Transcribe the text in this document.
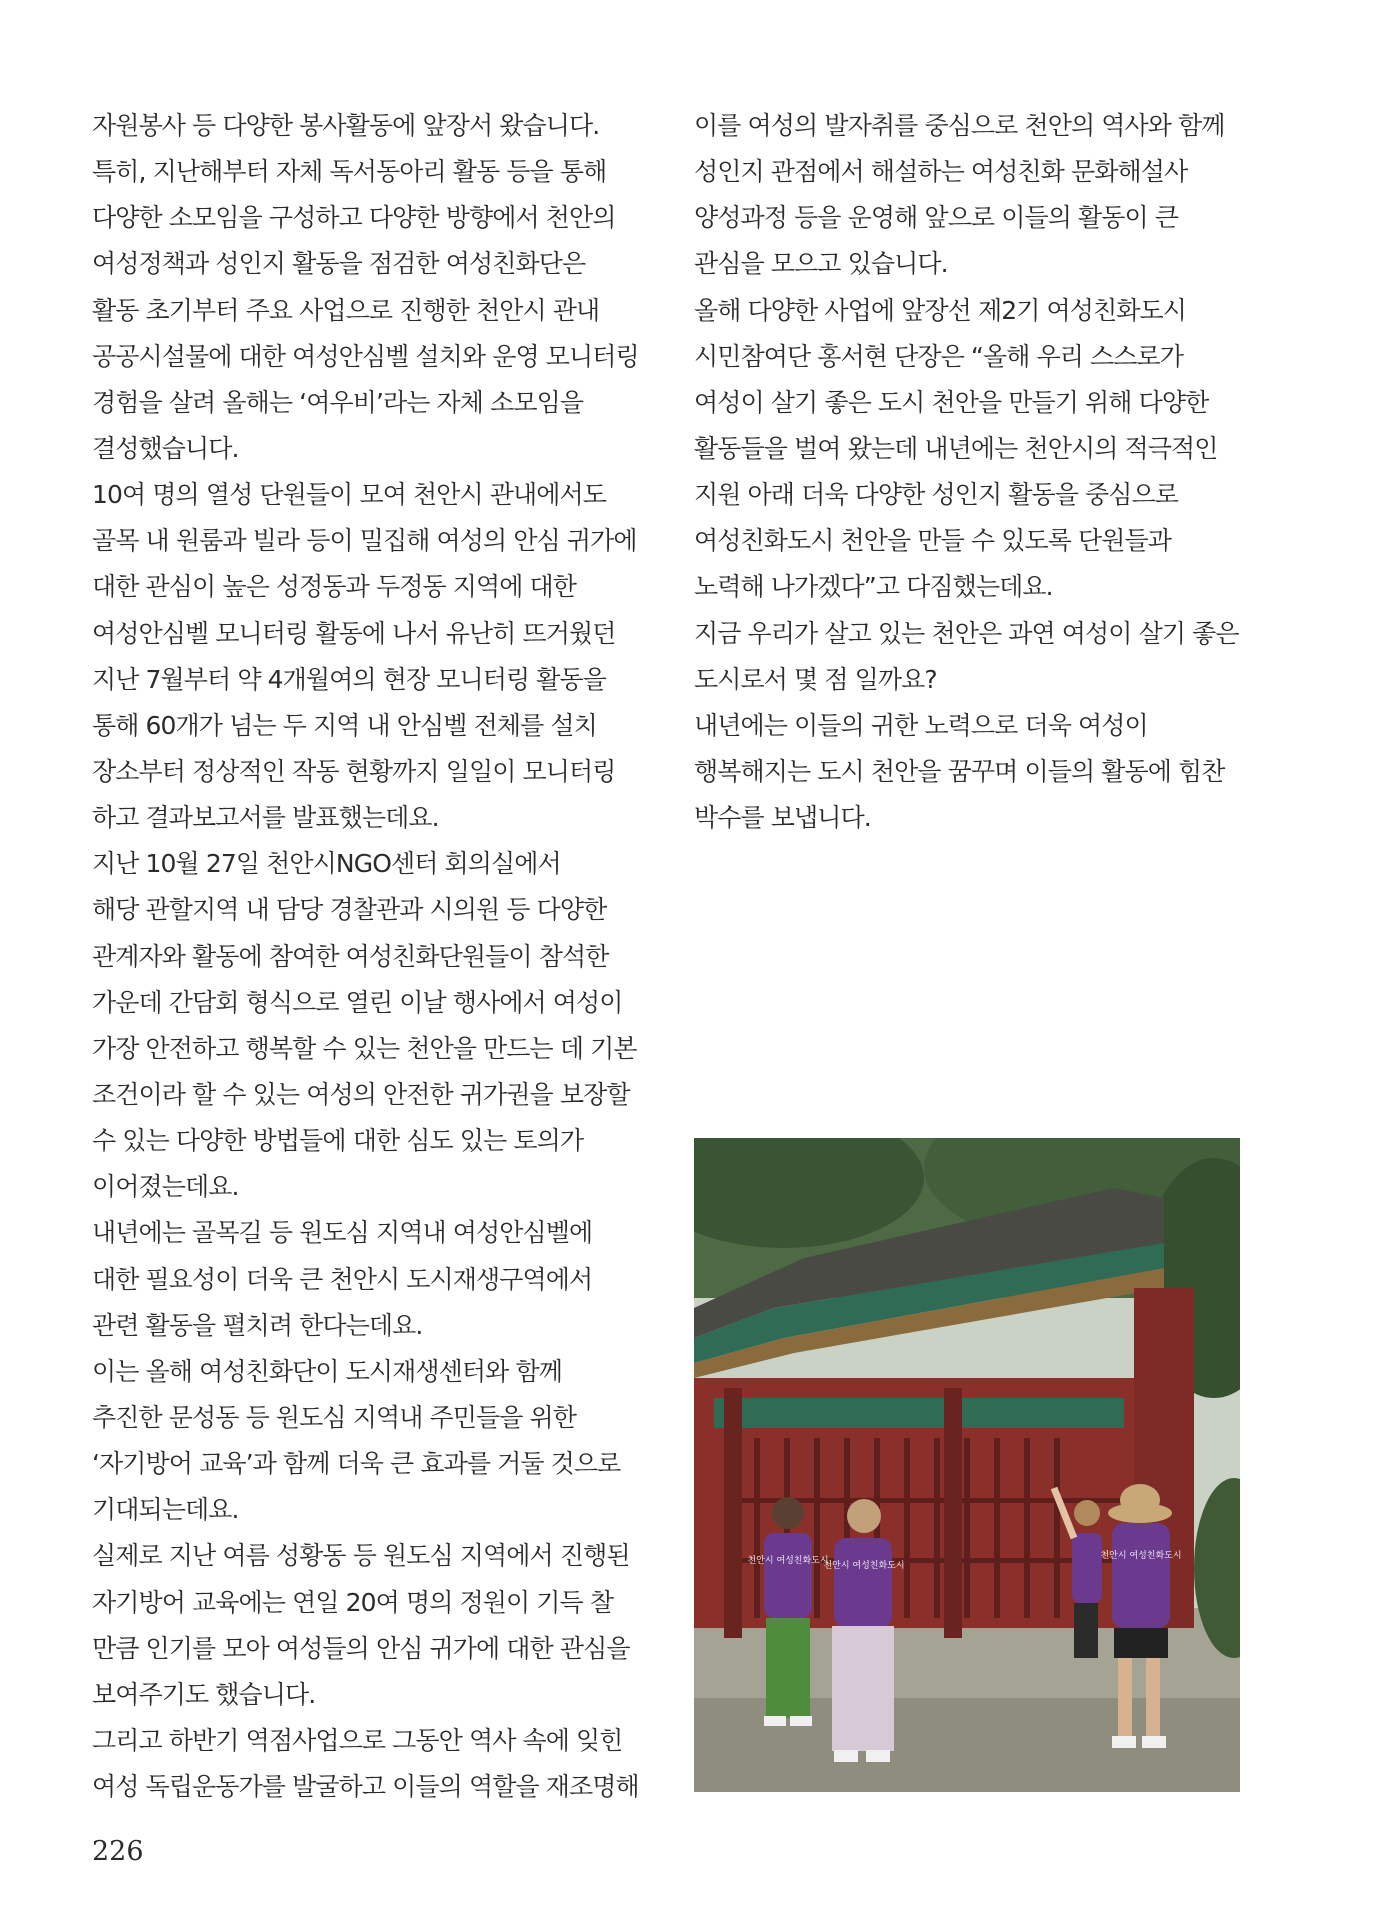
자원봉사 등 다양한 봉사활동에 앞장서 왔습니다.
특히, 지난해부터 자체 독서동아리 활동 등을 통해
다양한 소모임을 구성하고 다양한 방향에서 천안의
여성정책과 성인지 활동을 점검한 여성친화단은
활동 초기부터 주요 사업으로 진행한 천안시 관내
공공시설물에 대한 여성안심벨 설치와 운영 모니터링
경험을 살려 올해는 ‘여우비’라는 자체 소모임을
결성했습니다.
10여 명의 열성 단원들이 모여 천안시 관내에서도
골목 내 원룸과 빌라 등이 밀집해 여성의 안심 귀가에
대한 관심이 높은 성정동과 두정동 지역에 대한
여성안심벨 모니터링 활동에 나서 유난히 뜨거웠던
지난 7월부터 약 4개월여의 현장 모니터링 활동을
통해 60개가 넘는 두 지역 내 안심벨 전체를 설치
장소부터 정상적인 작동 현황까지 일일이 모니터링
하고 결과보고서를 발표했는데요.
지난 10월 27일 천안시NGO센터 회의실에서
해당 관할지역 내 담당 경찰관과 시의원 등 다양한
관계자와 활동에 참여한 여성친화단원들이 참석한
가운데 간담회 형식으로 열린 이날 행사에서 여성이
가장 안전하고 행복할 수 있는 천안을 만드는 데 기본
조건이라 할 수 있는 여성의 안전한 귀가권을 보장할
수 있는 다양한 방법들에 대한 심도 있는 토의가
이어졌는데요.
내년에는 골목길 등 원도심 지역내 여성안심벨에
대한 필요성이 더욱 큰 천안시 도시재생구역에서
관련 활동을 펼치려 한다는데요.
이는 올해 여성친화단이 도시재생센터와 함께
추진한 문성동 등 원도심 지역내 주민들을 위한
‘자기방어 교육’과 함께 더욱 큰 효과를 거둘 것으로
기대되는데요.
실제로 지난 여름 성황동 등 원도심 지역에서 진행된
자기방어 교육에는 연일 20여 명의 정원이 기득 찰
만큼 인기를 모아 여성들의 안심 귀가에 대한 관심을
보여주기도 했습니다.
그리고 하반기 역점사업으로 그동안 역사 속에 잊힌
여성 독립운동가를 발굴하고 이들의 역할을 재조명해
이를 여성의 발자취를 중심으로 천안의 역사와 함께
성인지 관점에서 해설하는 여성친화 문화해설사
양성과정 등을 운영해 앞으로 이들의 활동이 큰
관심을 모으고 있습니다.
올해 다양한 사업에 앞장선 제2기 여성친화도시
시민참여단 홍서현 단장은 “올해 우리 스스로가
여성이 살기 좋은 도시 천안을 만들기 위해 다양한
활동들을 벌여 왔는데 내년에는 천안시의 적극적인
지원 아래 더욱 다양한 성인지 활동을 중심으로
여성친화도시 천안을 만들 수 있도록 단원들과
노력해 나가겠다”고 다짐했는데요.
지금 우리가 살고 있는 천안은 과연 여성이 살기 좋은
도시로서 몇 점 일까요?
내년에는 이들의 귀한 노력으로 더욱 여성이
행복해지는 도시 천안을 꿈꾸며 이들의 활동에 힘찬
박수를 보냅니다.
천안시 여성친화도시
천안시 여성친화도시
천안시 여성친화도시
226
